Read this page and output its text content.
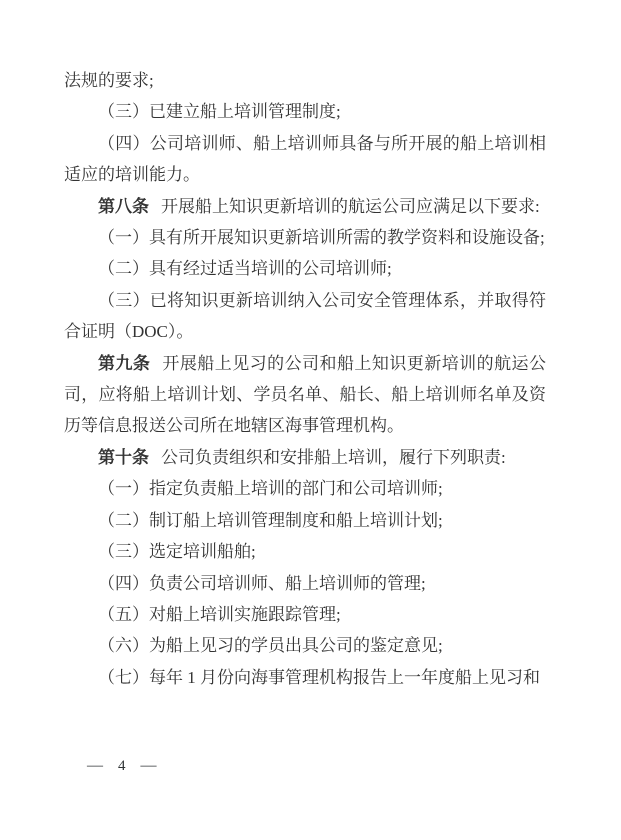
法规的要求;

（三）已建立船上培训管理制度;

（四）公司培训师、船上培训师具备与所开展的船上培训相适应的培训能力。

第八条 开展船上知识更新培训的航运公司应满足以下要求:

（一）具有所开展知识更新培训所需的教学资料和设施设备;

（二）具有经过适当培训的公司培训师;

（三）已将知识更新培训纳入公司安全管理体系，并取得符合证明（DOC）。

第九条 开展船上见习的公司和船上知识更新培训的航运公司，应将船上培训计划、学员名单、船长、船上培训师名单及资历等信息报送公司所在地辖区海事管理机构。

第十条 公司负责组织和安排船上培训，履行下列职责:

（一）指定负责船上培训的部门和公司培训师;

（二）制订船上培训管理制度和船上培训计划;

（三）选定培训船舶;

（四）负责公司培训师、船上培训师的管理;

（五）对船上培训实施跟踪管理;

（六）为船上见习的学员出具公司的鉴定意见;

（七）每年 1 月份向海事管理机构报告上一年度船上见习和

— 4 —
